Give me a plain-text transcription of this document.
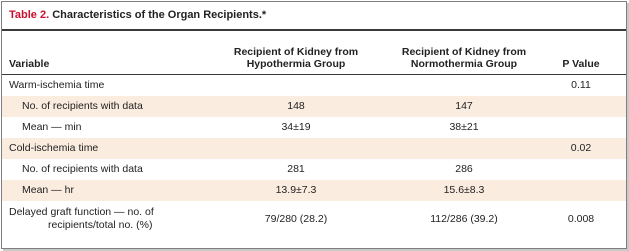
Table 2. Characteristics of the Organ Recipients.*
Variable	Recipient of Kidney from Hypothermia Group	Recipient of Kidney from Normothermia Group	P Value
Warm-ischemia time			0.11
No. of recipients with data	148	147	
Mean — min	34±19	38±21	
Cold-ischemia time			0.02
No. of recipients with data	281	286	
Mean — hr	13.9±7.3	15.6±8.3	

Delayed graft function — no. of
recipients/total no. (%)	79/280 (28.2)	112/286 (39.2)	0.008
